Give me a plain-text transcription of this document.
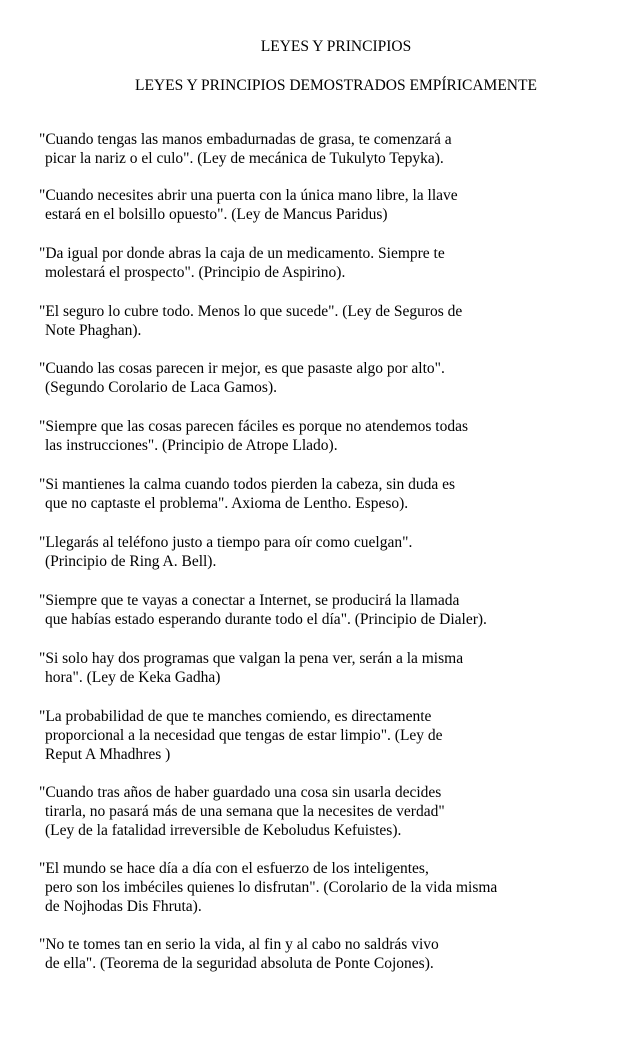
LEYES Y PRINCIPIOS
LEYES Y PRINCIPIOS DEMOSTRADOS EMPÍRICAMENTE

"Cuando tengas las manos embadurnadas de grasa, te comenzará a
picar la nariz o el culo". (Ley de mecánica de Tukulyto Tepyka).

"Cuando necesites abrir una puerta con la única mano libre, la llave
estará en el bolsillo opuesto". (Ley de Mancus Paridus)

"Da igual por donde abras la caja de un medicamento. Siempre te
molestará el prospecto". (Principio de Aspirino).

"El seguro lo cubre todo. Menos lo que sucede". (Ley de Seguros de
Note Phaghan).

"Cuando las cosas parecen ir mejor, es que pasaste algo por alto".
(Segundo Corolario de Laca Gamos).

"Siempre que las cosas parecen fáciles es porque no atendemos todas
las instrucciones". (Principio de Atrope Llado).

"Si mantienes la calma cuando todos pierden la cabeza, sin duda es
que no captaste el problema". Axioma de Lentho. Espeso).

"Llegarás al teléfono justo a tiempo para oír como cuelgan".
(Principio de Ring A. Bell).

"Siempre que te vayas a conectar a Internet, se producirá la llamada
que habías estado esperando durante todo el día". (Principio de Dialer).

"Si solo hay dos programas que valgan la pena ver, serán a la misma
hora". (Ley de Keka Gadha)

"La probabilidad de que te manches comiendo, es directamente
proporcional a la necesidad que tengas de estar limpio". (Ley de
Reput A Mhadhres )

"Cuando tras años de haber guardado una cosa sin usarla decides
tirarla, no pasará más de una semana que la necesites de verdad"
(Ley de la fatalidad irreversible de Keboludus Kefuistes).

"El mundo se hace día a día con el esfuerzo de los inteligentes,
pero son los imbéciles quienes lo disfrutan". (Corolario de la vida misma
de Nojhodas Dis Fhruta).

"No te tomes tan en serio la vida, al fin y al cabo no saldrás vivo
de ella". (Teorema de la seguridad absoluta de Ponte Cojones).
